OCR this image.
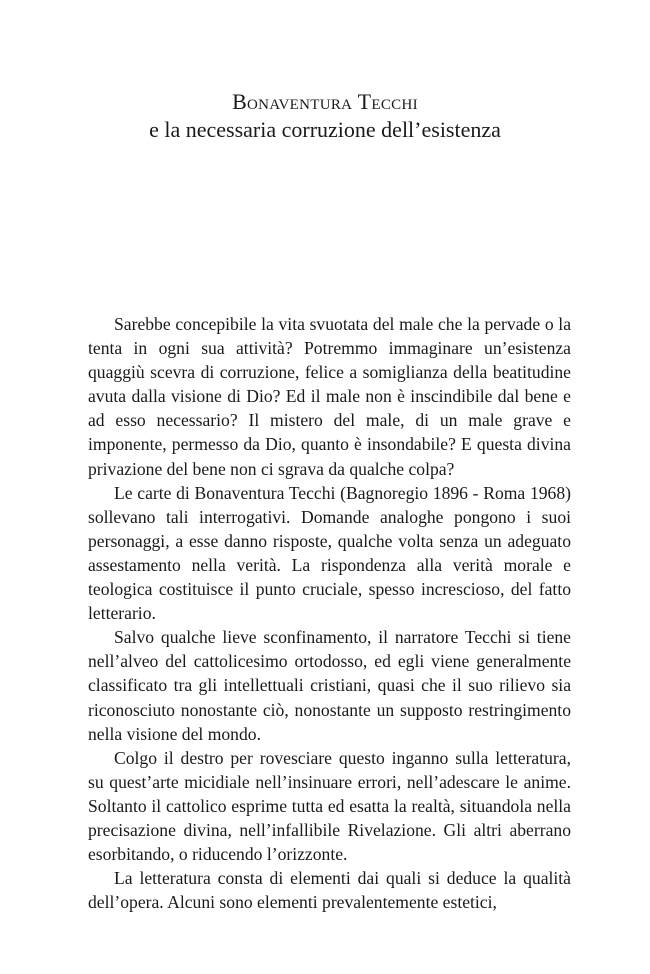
Bonaventura Tecchi
e la necessaria corruzione dell’esistenza

Sarebbe concepibile la vita svuotata del male che la pervade o la tenta in ogni sua attività? Potremmo immaginare un’esistenza quaggiù scevra di corruzione, felice a somiglianza della beatitudine avuta dalla visione di Dio? Ed il male non è inscindibile dal bene e ad esso necessario? Il mistero del male, di un male grave e imponente, permesso da Dio, quanto è insondabile? E questa divina privazione del bene non ci sgrava da qualche colpa?

Le carte di Bonaventura Tecchi (Bagnoregio 1896 - Roma 1968) sollevano tali interrogativi. Domande analoghe pongono i suoi personaggi, a esse danno risposte, qualche volta senza un adeguato assestamento nella verità. La rispondenza alla verità morale e teologica costituisce il punto cruciale, spesso increscioso, del fatto letterario.

Salvo qualche lieve sconfinamento, il narratore Tecchi si tiene nell’alveo del cattolicesimo ortodosso, ed egli viene generalmente classificato tra gli intellettuali cristiani, quasi che il suo rilievo sia riconosciuto nonostante ciò, nonostante un supposto restringimento nella visione del mondo.

Colgo il destro per rovesciare questo inganno sulla letteratura, su quest’arte micidiale nell’insinuare errori, nell’adescare le anime. Soltanto il cattolico esprime tutta ed esatta la realtà, situandola nella precisazione divina, nell’infallibile Rivelazione. Gli altri aberrano esorbitando, o riducendo l’orizzonte.

La letteratura consta di elementi dai quali si deduce la qualità dell’opera. Alcuni sono elementi prevalentemente estetici,
